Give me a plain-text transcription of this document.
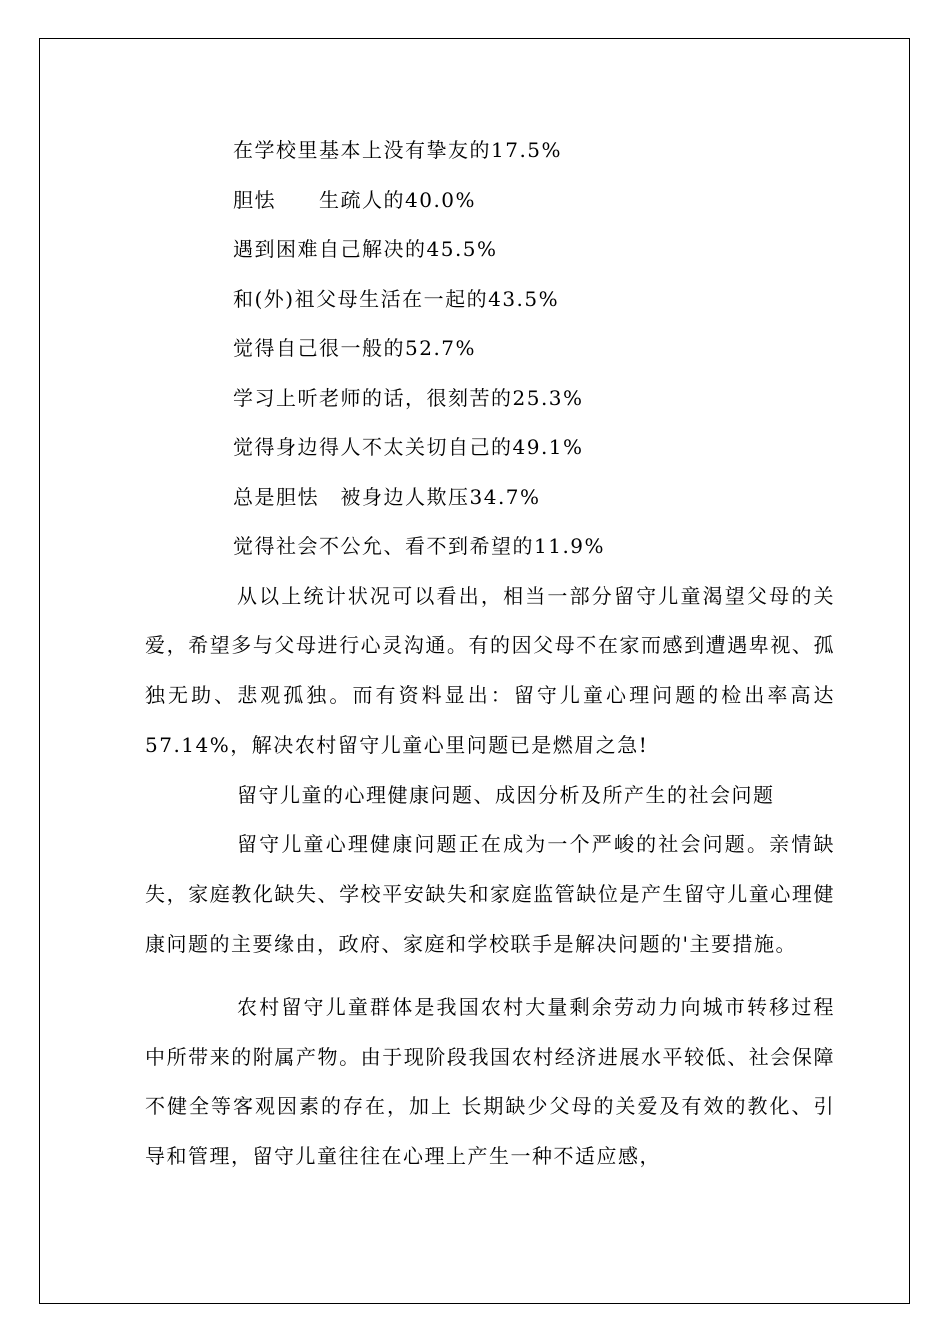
在学校里基本上没有挚友的17.5%
胆怯　　生疏人的40.0%
遇到困难自己解决的45.5%
和(外)祖父母生活在一起的43.5%
觉得自己很一般的52.7%
学习上听老师的话，很刻苦的25.3%
觉得身边得人不太关切自己的49.1%
总是胆怯　被身边人欺压34.7%
觉得社会不公允、看不到希望的11.9%

从以上统计状况可以看出，相当一部分留守儿童渴望父母的关爱，希望多与父母进行心灵沟通。有的因父母不在家而感到遭遇卑视、孤独无助、悲观孤独。而有资料显出：留守儿童心理问题的检出率高达57.14%，解决农村留守儿童心里问题已是燃眉之急!

留守儿童的心理健康问题、成因分析及所产生的社会问题

留守儿童心理健康问题正在成为一个严峻的社会问题。亲情缺失，家庭教化缺失、学校平安缺失和家庭监管缺位是产生留守儿童心理健康问题的主要缘由，政府、家庭和学校联手是解决问题的'主要措施。

农村留守儿童群体是我国农村大量剩余劳动力向城市转移过程中所带来的附属产物。由于现阶段我国农村经济进展水平较低、社会保障不健全等客观因素的存在，加上 长期缺少父母的关爱及有效的教化、引导和管理，留守儿童往往在心理上产生一种不适应感，
